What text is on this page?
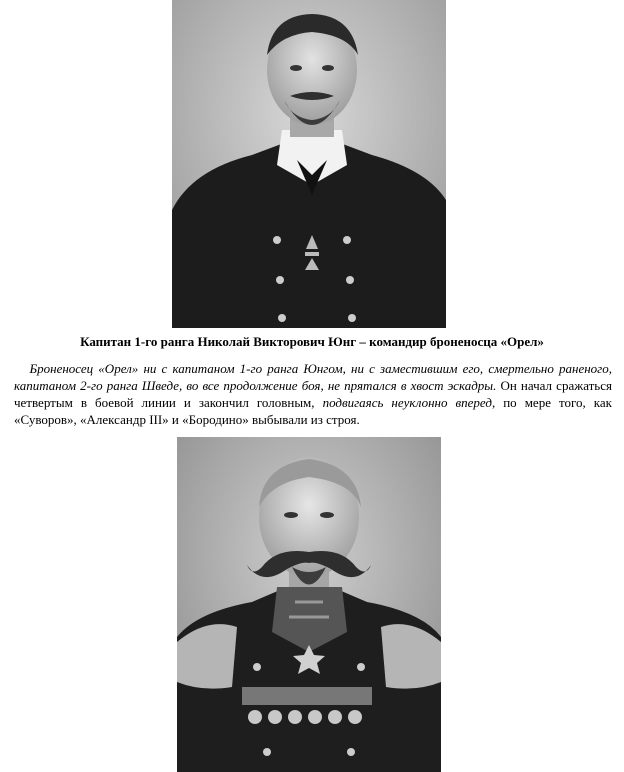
Капитан 1-го ранга Николай Викторович Юнг – командир броненосца «Орел»
Броненосец «Орел» ни с капитаном 1-го ранга Юнгом, ни с заместившим его, смертельно раненого, капитаном 2-го ранга Шведе, во все продолжение боя, не прятался в хвост эскадры. Он начал сражаться четвертым в боевой линии и закончил головным, подвигаясь неуклонно вперед, по мере того, как «Суворов», «Александр III» и «Бородино» выбывали из строя.
